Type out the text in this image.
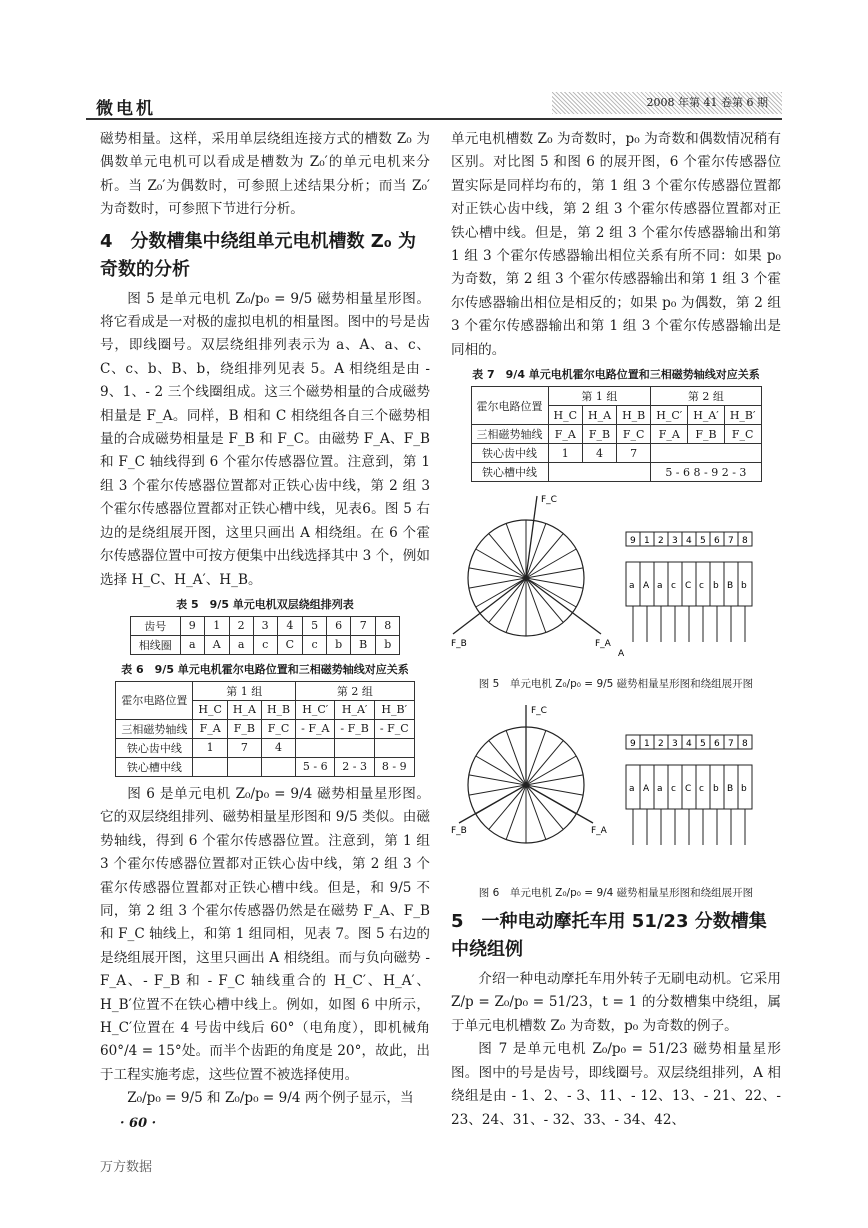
微电机	2008 年第 41 卷第 6 期

磁势相量。这样，采用单层绕组连接方式的槽数 Z₀ 为偶数单元电机可以看成是槽数为 Z₀′的单元电机来分析。当 Z₀′为偶数时，可参照上述结果分析；而当 Z₀′为奇数时，可参照下节进行分析。

4　分数槽集中绕组单元电机槽数 Z₀ 为奇数的分析

图 5 是单元电机 Z₀/p₀ = 9/5 磁势相量星形图。将它看成是一对极的虚拟电机的相量图。图中的号是齿号，即线圈号。双层绕组排列表示为 a、A、a、c、C、c、b、B、b，绕组排列见表 5。A 相绕组是由 - 9、1、- 2 三个线圈组成。这三个磁势相量的合成磁势相量是 F_A。同样，B 相和 C 相绕组各自三个磁势相量的合成磁势相量是 F_B 和 F_C。由磁势 F_A、F_B 和 F_C 轴线得到 6 个霍尔传感器位置。注意到，第 1 组 3 个霍尔传感器位置都对正铁心齿中线，第 2 组 3 个霍尔传感器位置都对正铁心槽中线，见表6。图 5 右边的是绕组展开图，这里只画出 A 相绕组。在 6 个霍尔传感器位置中可按方便集中出线选择其中 3 个，例如选择 H_C、H_A′、H_B。

表 5　9/5 单元电机双层绕组排列表
齿号	9	1	2	3	4	5	6	7	8
相线圈	a	A	a	c	C	c	b	B	b
表 6　9/5 单元电机霍尔电路位置和三相磁势轴线对应关系
霍尔电路位置	第 1 组			第 2 组		
	H_C	H_A	H_B	H_C′	H_A′	H_B′
三相磁势轴线	F_A	F_B	F_C	- F_A	- F_B	- F_C
铁心齿中线	1	7	4			
铁心槽中线				5 - 6	2 - 3	8 - 9

图 6 是单元电机 Z₀/p₀ = 9/4 磁势相量星形图。它的双层绕组排列、磁势相量星形图和 9/5 类似。由磁势轴线，得到 6 个霍尔传感器位置。注意到，第 1 组 3 个霍尔传感器位置都对正铁心齿中线，第 2 组 3 个霍尔传感器位置都对正铁心槽中线。但是，和 9/5 不同，第 2 组 3 个霍尔传感器仍然是在磁势 F_A、F_B 和 F_C 轴线上，和第 1 组同相，见表 7。图 5 右边的是绕组展开图，这里只画出 A 相绕组。而与负向磁势 - F_A、- F_B 和 - F_C 轴线重合的 H_C′、H_A′、H_B′位置不在铁心槽中线上。例如，如图 6 中所示，H_C′位置在 4 号齿中线后 60°（电角度），即机械角 60°/4 = 15°处。而半个齿距的角度是 20°，故此，出于工程实施考虑，这些位置不被选择使用。

Z₀/p₀ = 9/5 和 Z₀/p₀ = 9/4 两个例子显示，当

单元电机槽数 Z₀ 为奇数时，p₀ 为奇数和偶数情况稍有区别。对比图 5 和图 6 的展开图，6 个霍尔传感器位置实际是同样均布的，第 1 组 3 个霍尔传感器位置都对正铁心齿中线，第 2 组 3 个霍尔传感器位置都对正铁心槽中线。但是，第 2 组 3 个霍尔传感器输出和第 1 组 3 个霍尔传感器输出相位关系有所不同：如果 p₀ 为奇数，第 2 组 3 个霍尔传感器输出和第 1 组 3 个霍尔传感器输出相位是相反的；如果 p₀ 为偶数，第 2 组 3 个霍尔传感器输出和第 1 组 3 个霍尔传感器输出是同相的。

表 7　9/4 单元电机霍尔电路位置和三相磁势轴线对应关系
霍尔电路位置	第 1 组			第 2 组		
	H_C	H_A	H_B	H_C′	H_A′	H_B′
三相磁势轴线	F_A	F_B	F_C	F_A	F_B	F_C
铁心齿中线	1	4	7			
铁心槽中线				5 - 6 8 - 9 2 - 3		
F_C
F_B	F_A
9
a
1
A
2
a
3
c
4
C
5
c
6
b
7
B
8
b
A
图 5　单元电机 Z₀/p₀ = 9/5 磁势相量星形图和绕组展开图
F_C
F_B	F_A
9
a
1
A
2
a
3
c
4
C
5
c
6
b
7
B
8
b
图 6　单元电机 Z₀/p₀ = 9/4 磁势相量星形图和绕组展开图
5　一种电动摩托车用 51/23 分数槽集中绕组例

介绍一种电动摩托车用外转子无刷电动机。它采用 Z/p = Z₀/p₀ = 51/23，t = 1 的分数槽集中绕组，属于单元电机槽数 Z₀ 为奇数，p₀ 为奇数的例子。

图 7 是单元电机 Z₀/p₀ = 51/23 磁势相量星形图。图中的号是齿号，即线圈号。双层绕组排列，A 相绕组是由 - 1、2、- 3、11、- 12、13、- 21、22、- 23、24、31、- 32、33、- 34、42、

· 60 ·
万方数据
